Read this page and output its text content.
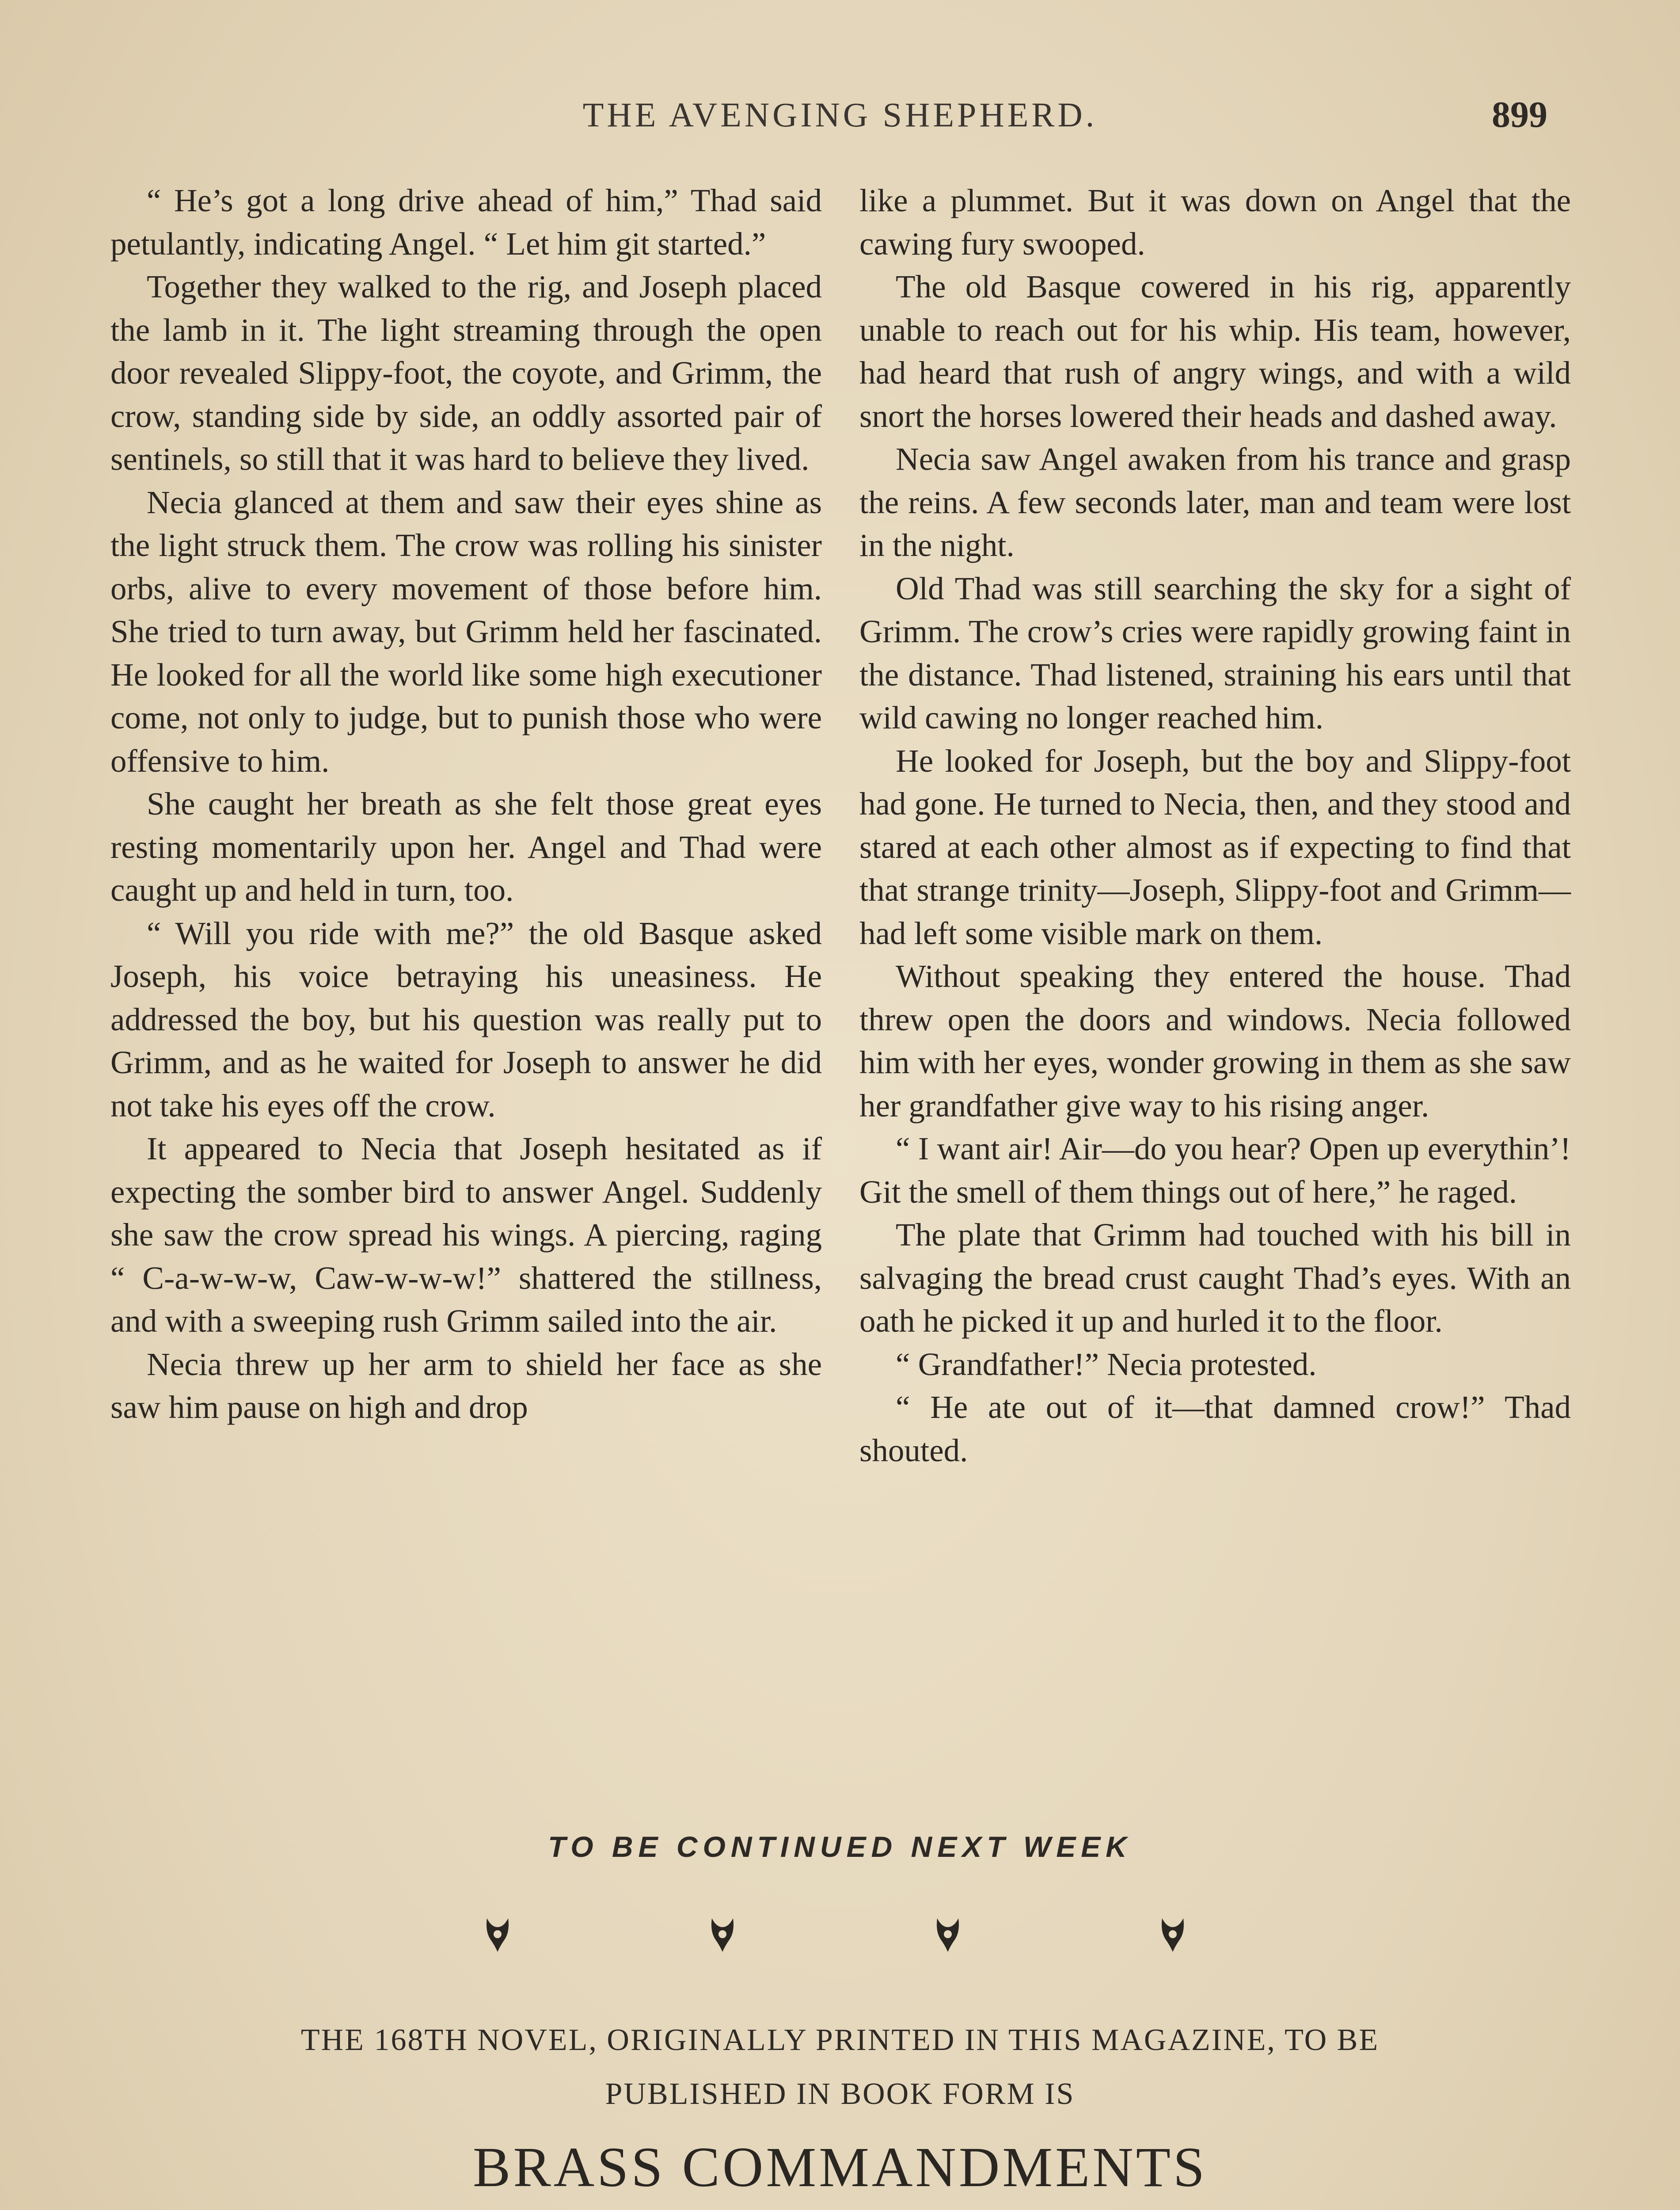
THE AVENGING SHEPHERD.	899

“ He’s got a long drive ahead of him,” Thad said petulantly, indicating Angel. “ Let him git started.”

Together they walked to the rig, and Joseph placed the lamb in it. The light streaming through the open door revealed Slippy-foot, the coyote, and Grimm, the crow, standing side by side, an oddly assorted pair of sentinels, so still that it was hard to believe they lived.

Necia glanced at them and saw their eyes shine as the light struck them. The crow was rolling his sinister orbs, alive to every movement of those before him. She tried to turn away, but Grimm held her fascinated. He looked for all the world like some high executioner come, not only to judge, but to punish those who were offensive to him.

She caught her breath as she felt those great eyes resting momentarily upon her. Angel and Thad were caught up and held in turn, too.

“ Will you ride with me?” the old Basque asked Joseph, his voice betraying his uneasiness. He addressed the boy, but his question was really put to Grimm, and as he waited for Joseph to answer he did not take his eyes off the crow.

It appeared to Necia that Joseph hesitated as if expecting the somber bird to answer Angel. Suddenly she saw the crow spread his wings. A piercing, raging “ C-a-w-w-w, Caw-w-w-w!” shattered the stillness, and with a sweeping rush Grimm sailed into the air.

Necia threw up her arm to shield her face as she saw him pause on high and drop

like a plummet. But it was down on Angel that the cawing fury swooped.

The old Basque cowered in his rig, apparently unable to reach out for his whip. His team, however, had heard that rush of angry wings, and with a wild snort the horses lowered their heads and dashed away.

Necia saw Angel awaken from his trance and grasp the reins. A few seconds later, man and team were lost in the night.

Old Thad was still searching the sky for a sight of Grimm. The crow’s cries were rapidly growing faint in the distance. Thad listened, straining his ears until that wild cawing no longer reached him.

He looked for Joseph, but the boy and Slippy-foot had gone. He turned to Necia, then, and they stood and stared at each other almost as if expecting to find that that strange trinity—Joseph, Slippy-foot and Grimm—had left some visible mark on them.

Without speaking they entered the house. Thad threw open the doors and windows. Necia followed him with her eyes, wonder growing in them as she saw her grandfather give way to his rising anger.

“ I want air! Air—do you hear? Open up everythin’! Git the smell of them things out of here,” he raged.

The plate that Grimm had touched with his bill in salvaging the bread crust caught Thad’s eyes. With an oath he picked it up and hurled it to the floor.

“ Grandfather!” Necia protested.

“ He ate out of it—that damned crow!” Thad shouted.

TO BE CONTINUED NEXT WEEK
THE 168TH NOVEL, ORIGINALLY PRINTED IN THIS MAGAZINE, TO BE
PUBLISHED IN BOOK FORM IS
BRASS COMMANDMENTS
